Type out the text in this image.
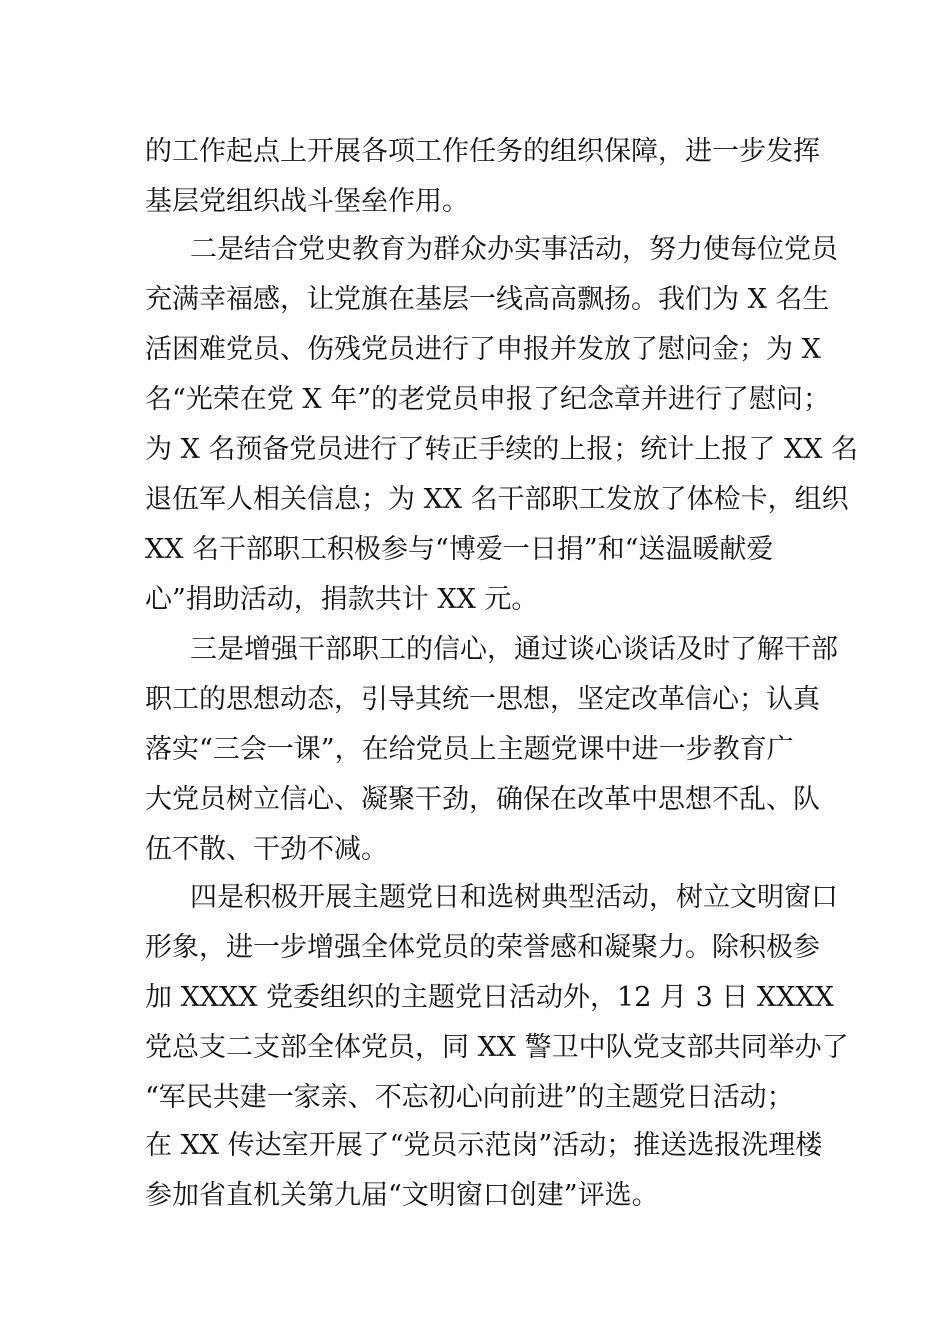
的工作起点上开展各项工作任务的组织保障，进一步发挥
基层党组织战斗堡垒作用。
二是结合党史教育为群众办实事活动，努力使每位党员
充满幸福感，让党旗在基层一线高高飘扬。我们为 X 名生
活困难党员、伤残党员进行了申报并发放了慰问金；为 X
名“光荣在党 X 年”的老党员申报了纪念章并进行了慰问；
为 X 名预备党员进行了转正手续的上报；统计上报了 XX 名
退伍军人相关信息；为 XX 名干部职工发放了体检卡，组织
XX 名干部职工积极参与“博爱一日捐”和“送温暖献爱
心”捐助活动，捐款共计 XX 元。
三是增强干部职工的信心，通过谈心谈话及时了解干部
职工的思想动态，引导其统一思想，坚定改革信心；认真
落实“三会一课”，在给党员上主题党课中进一步教育广
大党员树立信心、凝聚干劲，确保在改革中思想不乱、队
伍不散、干劲不减。
四是积极开展主题党日和选树典型活动，树立文明窗口
形象，进一步增强全体党员的荣誉感和凝聚力。除积极参
加 XXXX 党委组织的主题党日活动外，12 月 3 日 XXXX
党总支二支部全体党员，同 XX 警卫中队党支部共同举办了
“军民共建一家亲、不忘初心向前进”的主题党日活动；
在 XX 传达室开展了“党员示范岗”活动；推送选报洗理楼
参加省直机关第九届“文明窗口创建”评选。
